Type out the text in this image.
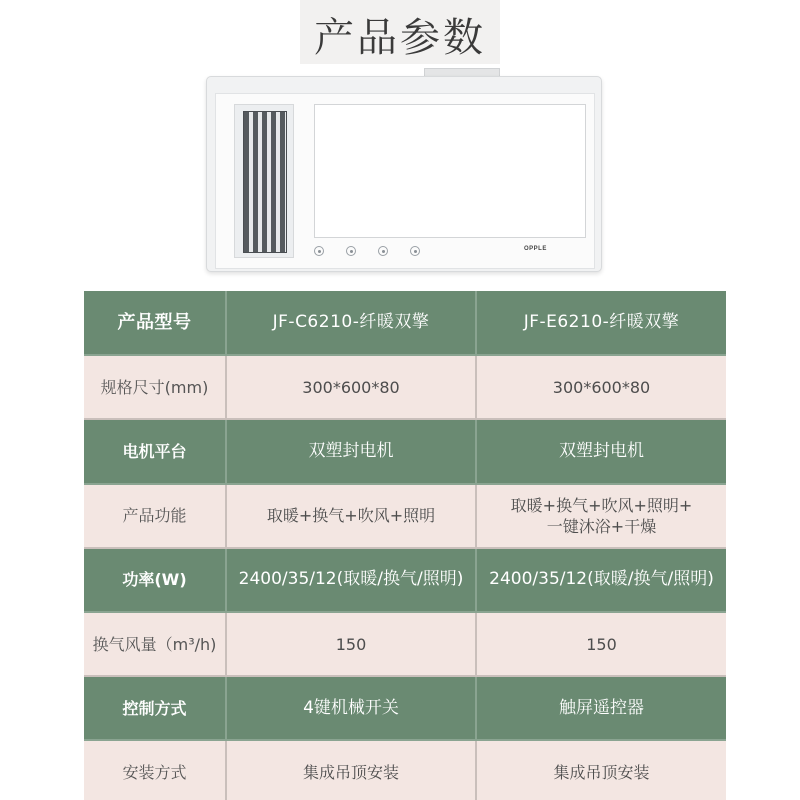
产品参数
OPPLE
产品型号	JF-C6210-纤暖双擎	JF-E6210-纤暖双擎
规格尺寸(mm)	300*600*80	300*600*80
电机平台	双塑封电机	双塑封电机
产品功能	取暖+换气+吹风+照明	取暖+换气+吹风+照明+
一键沐浴+干燥
功率(W)	2400/35/12(取暖/换气/照明)	2400/35/12(取暖/换气/照明)
换气风量（m³/h)	150	150
控制方式	4键机械开关	触屏遥控器
安装方式	集成吊顶安装	集成吊顶安装
